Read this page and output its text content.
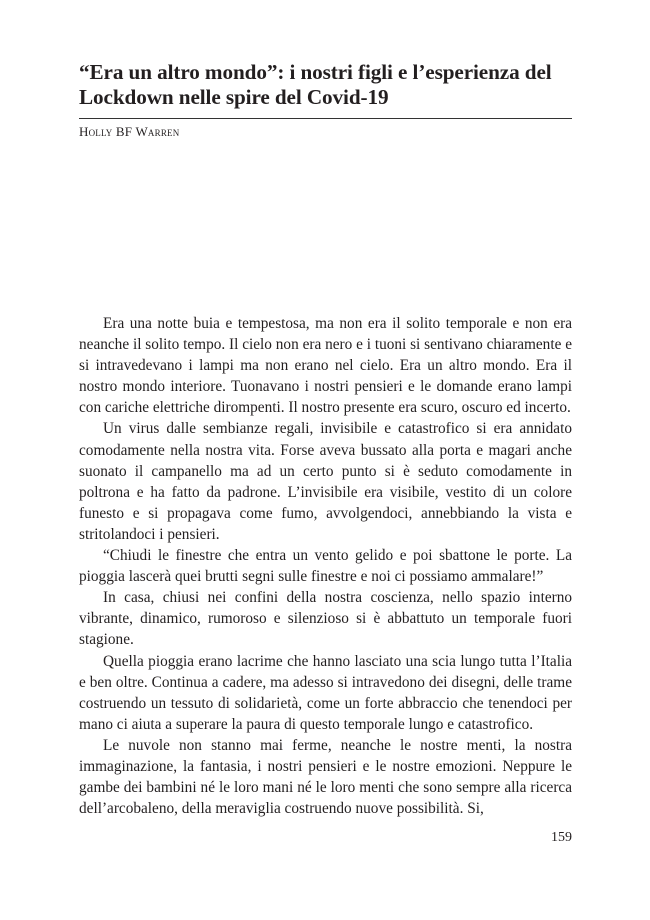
“Era un altro mondo”: i nostri figli e l’esperienza del Lockdown nelle spire del Covid-19
Holly BF Warren

Era una notte buia e tempestosa, ma non era il solito temporale e non era neanche il solito tempo. Il cielo non era nero e i tuoni si sentivano chiaramente e si intravedevano i lampi ma non erano nel cielo. Era un altro mondo. Era il nostro mondo interiore. Tuonavano i nostri pensieri e le domande erano lampi con cariche elettriche dirompenti. Il nostro presente era scuro, oscuro ed incerto.

Un virus dalle sembianze regali, invisibile e catastrofico si era annidato comodamente nella nostra vita. Forse aveva bussato alla porta e magari anche suonato il campanello ma ad un certo punto si è seduto comodamente in poltrona e ha fatto da padrone. L’invisibile era visibile, vestito di un colore funesto e si propagava come fumo, avvolgendoci, annebbiando la vista e stritolandoci i pensieri.

“Chiudi le finestre che entra un vento gelido e poi sbattone le porte. La pioggia lascerà quei brutti segni sulle finestre e noi ci possiamo ammalare!”

In casa, chiusi nei confini della nostra coscienza, nello spazio interno vibrante, dinamico, rumoroso e silenzioso si è abbattuto un temporale fuori stagione.

Quella pioggia erano lacrime che hanno lasciato una scia lungo tutta l’Italia e ben oltre. Continua a cadere, ma adesso si intravedono dei disegni, delle trame costruendo un tessuto di solidarietà, come un forte abbraccio che tenendoci per mano ci aiuta a superare la paura di questo temporale lungo e catastrofico.

Le nuvole non stanno mai ferme, neanche le nostre menti, la nostra immaginazione, la fantasia, i nostri pensieri e le nostre emozioni. Neppure le gambe dei bambini né le loro mani né le loro menti che sono sempre alla ricerca dell’arcobaleno, della meraviglia costruendo nuove possibilità. Si,

159
